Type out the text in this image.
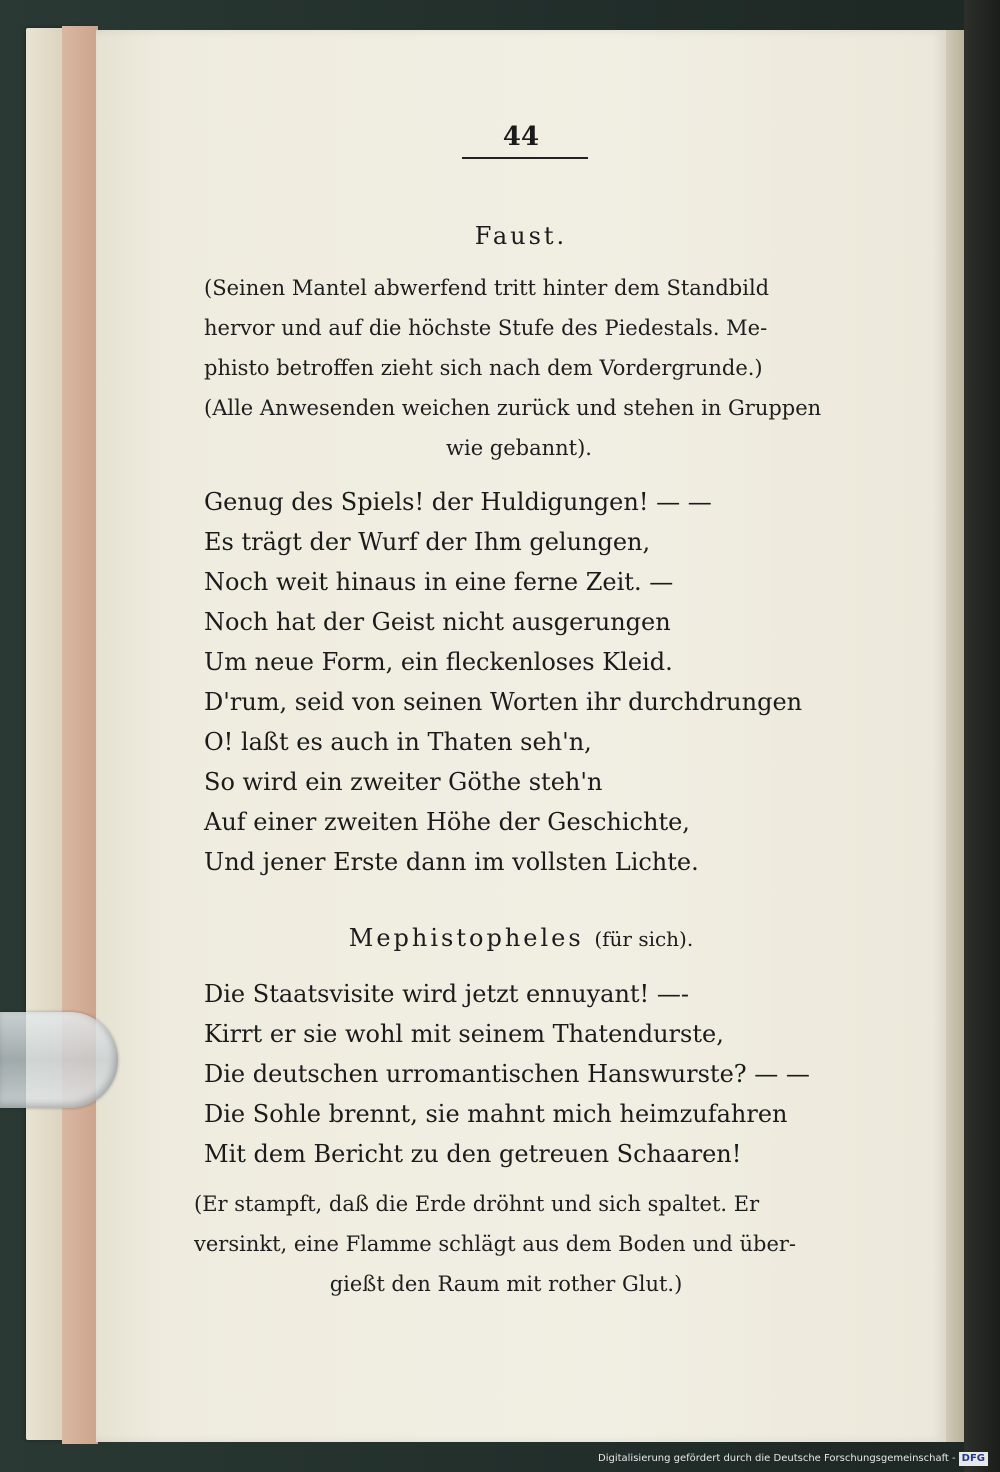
44
Faust.
(Seinen Mantel abwerfend tritt hinter dem Standbild
hervor und auf die höchste Stufe des Piedestals. Me-
phisto betroffen zieht sich nach dem Vordergrunde.)
(Alle Anwesenden weichen zurück und stehen in Gruppen
wie gebannt).
Genug des Spiels! der Huldigungen! — —
Es trägt der Wurf der Ihm gelungen,
Noch weit hinaus in eine ferne Zeit. —
Noch hat der Geist nicht ausgerungen
Um neue Form, ein fleckenloses Kleid.
D'rum, seid von seinen Worten ihr durchdrungen
O! laßt es auch in Thaten seh'n,
So wird ein zweiter Göthe steh'n
Auf einer zweiten Höhe der Geschichte,
Und jener Erste dann im vollsten Lichte.
Mephistopheles (für sich).
Die Staatsvisite wird jetzt ennuyant! —-
Kirrt er sie wohl mit seinem Thatendurste,
Die deutschen urromantischen Hanswurste? — —
Die Sohle brennt, sie mahnt mich heimzufahren
Mit dem Bericht zu den getreuen Schaaren!
(Er stampft, daß die Erde dröhnt und sich spaltet. Er
versinkt, eine Flamme schlägt aus dem Boden und über-
gießt den Raum mit rother Glut.)
Digitalisierung gefördert durch die Deutsche Forschungsgemeinschaft - DFG
